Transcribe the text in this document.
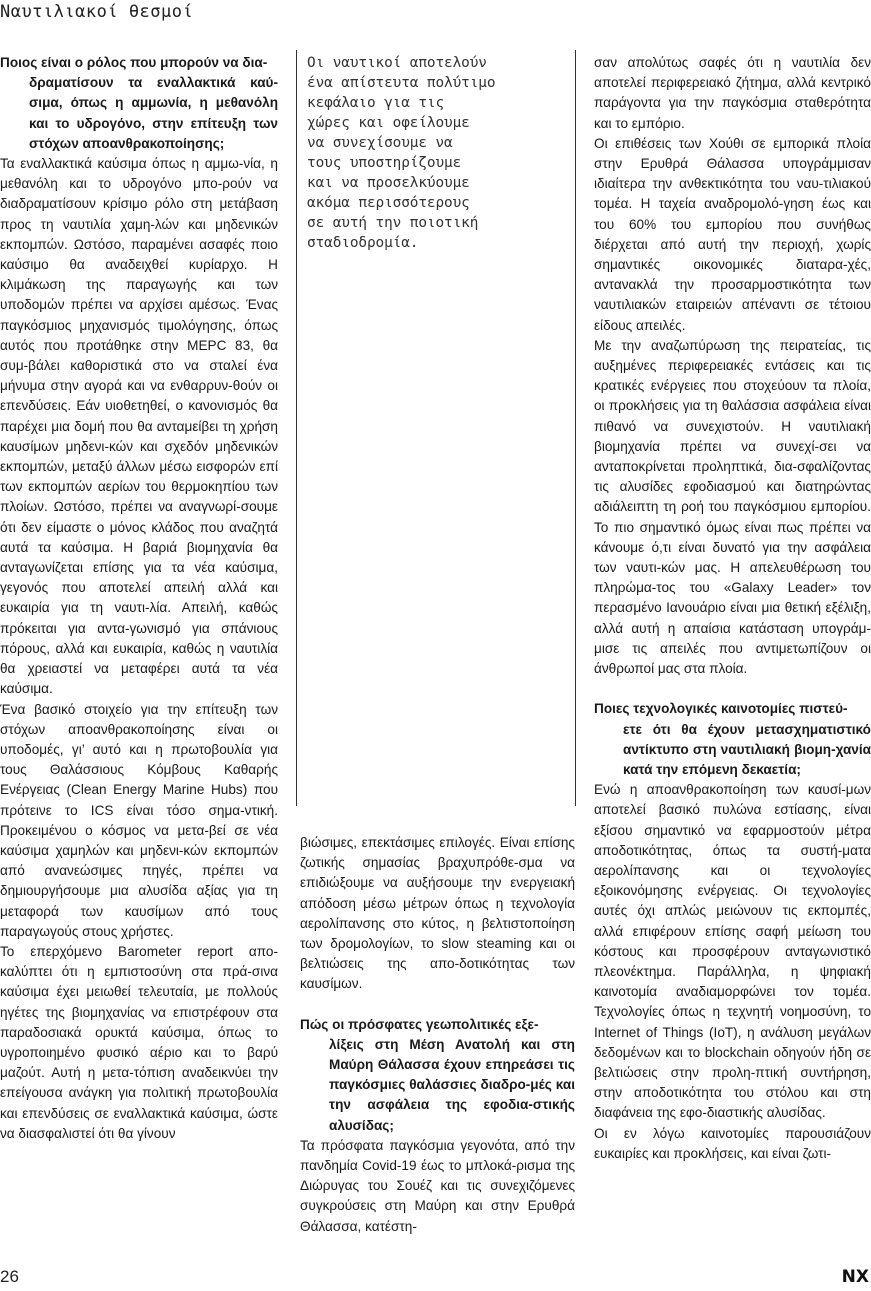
Ναυτιλιακοί θεσμοί

Ποιος είναι ο ρόλος που μπορούν να δια-
δραματίσουν τα εναλλακτικά καύ-σιμα, όπως η αμμωνία, η μεθανόλη και το υδρογόνο, στην επίτευξη των στόχων απoανθρακοποίησης;

Τα εναλλακτικά καύσιμα όπως η αμμω-νία, η μεθανόλη και το υδρογόνο μπο-ρούν να διαδραματίσουν κρίσιμο ρόλο στη μετάβαση προς τη ναυτιλία χαμη-λών και μηδενικών εκπομπών. Ωστόσο, παραμένει ασαφές ποιο καύσιμο θα αναδειχθεί κυρίαρχο. Η κλιμάκωση της παραγωγής και των υποδομών πρέπει να αρχίσει αμέσως. Ένας παγκόσμιος μηχανισμός τιμολόγησης, όπως αυτός που προτάθηκε στην MEPC 83, θα συμ-βάλει καθοριστικά στο να σταλεί ένα μήνυμα στην αγορά και να ενθαρρυν-θούν οι επενδύσεις. Εάν υιοθετηθεί, ο κανονισμός θα παρέχει μια δομή που θα ανταμείβει τη χρήση καυσίμων μηδενι-κών και σχεδόν μηδενικών εκπομπών, μεταξύ άλλων μέσω εισφορών επί των εκπομπών αερίων του θερμοκηπίου των πλοίων. Ωστόσο, πρέπει να αναγνωρί-σουμε ότι δεν είμαστε ο μόνος κλάδος που αναζητά αυτά τα καύσιμα. Η βαριά βιομηχανία θα ανταγωνίζεται επίσης για τα νέα καύσιμα, γεγονός που αποτελεί απειλή αλλά και ευκαιρία για τη ναυτι-λία. Απειλή, καθώς πρόκειται για αντα-γωνισμό για σπάνιους πόρους, αλλά και ευκαιρία, καθώς η ναυτιλία θα χρειαστεί να μεταφέρει αυτά τα νέα καύσιμα.

Ένα βασικό στοιχείο για την επίτευξη των στόχων απoανθρακοποίησης είναι οι υποδομές, γι’ αυτό και η πρωτοβουλία για τους Θαλάσσιους Κόμβους Καθαρής Ενέργειας (Clean Energy Marine Hubs) που πρότεινε το ICS είναι τόσο σημα-ντική. Προκειμένου ο κόσμος να μετα-βεί σε νέα καύσιμα χαμηλών και μηδενι-κών εκπομπών από ανανεώσιμες πηγές, πρέπει να δημιουργήσουμε μια αλυσίδα αξίας για τη μεταφορά των καυσίμων από τους παραγωγούς στους χρήστες.

Το επερχόμενο Barometer report απο-καλύπτει ότι η εμπιστοσύνη στα πρά-σινα καύσιμα έχει μειωθεί τελευταία, με πολλούς ηγέτες της βιομηχανίας να επιστρέφουν στα παραδοσιακά ορυκτά καύσιμα, όπως το υγροποιημένο φυσικό αέριο και το βαρύ μαζούτ. Αυτή η μετα-τόπιση αναδεικνύει την επείγουσα ανάγκη για πολιτική πρωτοβουλία και επενδύσεις σε εναλλακτικά καύσιμα, ώστε να διασφαλιστεί ότι θα γίνουν

Οι ναυτικοί αποτελούν
ένα απίστευτα πολύτιμο
κεφάλαιο για τις
χώρες και οφείλουμε
να συνεχίσουμε να
τους υποστηρίζουμε
και να προσελκύουμε
ακόμα περισσότερους
σε αυτή την ποιοτική
σταδιοδρομία.

βιώσιμες, επεκτάσιμες επιλογές. Είναι επίσης ζωτικής σημασίας βραχυπρόθε-σμα να επιδιώξουμε να αυξήσουμε την ενεργειακή απόδοση μέσω μέτρων όπως η τεχνολογία αερολίπανσης στο κύτος, η βελτιστοποίηση των δρομολογίων, το slow steaming και οι βελτιώσεις της απο-δοτικότητας των καυσίμων.

Πώς οι πρόσφατες γεωπολιτικές εξε-
λίξεις στη Μέση Ανατολή και στη Μαύρη Θάλασσα έχουν επηρεάσει τις παγκόσμιες θαλάσσιες διαδρο-μές και την ασφάλεια της εφοδια-στικής αλυσίδας;

Τα πρόσφατα παγκόσμια γεγονότα, από την πανδημία Covid-19 έως το μπλοκά-ρισμα της Διώρυγας του Σουέζ και τις συνεχιζόμενες συγκρούσεις στη Μαύρη και στην Ερυθρά Θάλασσα, κατέστη-

σαν απολύτως σαφές ότι η ναυτιλία δεν αποτελεί περιφερειακό ζήτημα, αλλά κεντρικό παράγοντα για την παγκόσμια σταθερότητα και το εμπόριο.

Οι επιθέσεις των Χούθι σε εμπορικά πλοία στην Ερυθρά Θάλασσα υπογράμμισαν ιδιαίτερα την ανθεκτικότητα του ναυ-τιλιακού τομέα. Η ταχεία αναδρομολό-γηση έως και του 60% του εμπορίου που συνήθως διέρχεται από αυτή την περιοχή, χωρίς σημαντικές οικονομικές διαταρα-χές, αντανακλά την προσαρμοστικότητα των ναυτιλιακών εταιρειών απέναντι σε τέτοιου είδους απειλές.

Με την αναζωπύρωση της πειρατείας, τις αυξημένες περιφερειακές εντάσεις και τις κρατικές ενέργειες που στοχεύουν τα πλοία, οι προκλήσεις για τη θαλάσσια ασφάλεια είναι πιθανό να συνεχιστούν. Η ναυτιλιακή βιομηχανία πρέπει να συνεχί-σει να ανταποκρίνεται προληπτικά, δια-σφαλίζοντας τις αλυσίδες εφοδιασμού και διατηρώντας αδιάλειπτη τη ροή του παγκόσμιου εμπορίου. Το πιο σημαντικό όμως είναι πως πρέπει να κάνουμε ό,τι είναι δυνατό για την ασφάλεια των ναυτι-κών μας. Η απελευθέρωση του πληρώμα-τος του «Galaxy Leader» τον περασμένο Ιανουάριο είναι μια θετική εξέλιξη, αλλά αυτή η απαίσια κατάσταση υπογράμ-μισε τις απειλές που αντιμετωπίζουν οι άνθρωποί μας στα πλοία.

Ποιες τεχνολογικές καινοτομίες πιστεύ-
ετε ότι θα έχουν μετασχηματιστικό αντίκτυπο στη ναυτιλιακή βιομη-χανία κατά την επόμενη δεκαετία;

Ενώ η απoανθρακοποίηση των καυσί-μων αποτελεί βασικό πυλώνα εστίασης, είναι εξίσου σημαντικό να εφαρμοστούν μέτρα αποδοτικότητας, όπως τα συστή-ματα αερολίπανσης και οι τεχνολογίες εξοικονόμησης ενέργειας. Οι τεχνολογίες αυτές όχι απλώς μειώνουν τις εκπομπές, αλλά επιφέρουν επίσης σαφή μείωση του κόστους και προσφέρουν ανταγωνιστικό πλεονέκτημα. Παράλληλα, η ψηφιακή καινοτομία αναδιαμορφώνει τον τομέα. Τεχνολογίες όπως η τεχνητή νοημοσύνη, το Internet of Things (IoT), η ανάλυση μεγάλων δεδομένων και το blockchain οδηγούν ήδη σε βελτιώσεις στην προλη-πτική συντήρηση, στην αποδοτικότητα του στόλου και στη διαφάνεια της εφο-διαστικής αλυσίδας.

Οι εν λόγω καινοτομίες παρουσιάζουν ευκαιρίες και προκλήσεις, και είναι ζωτι-

26	NX
